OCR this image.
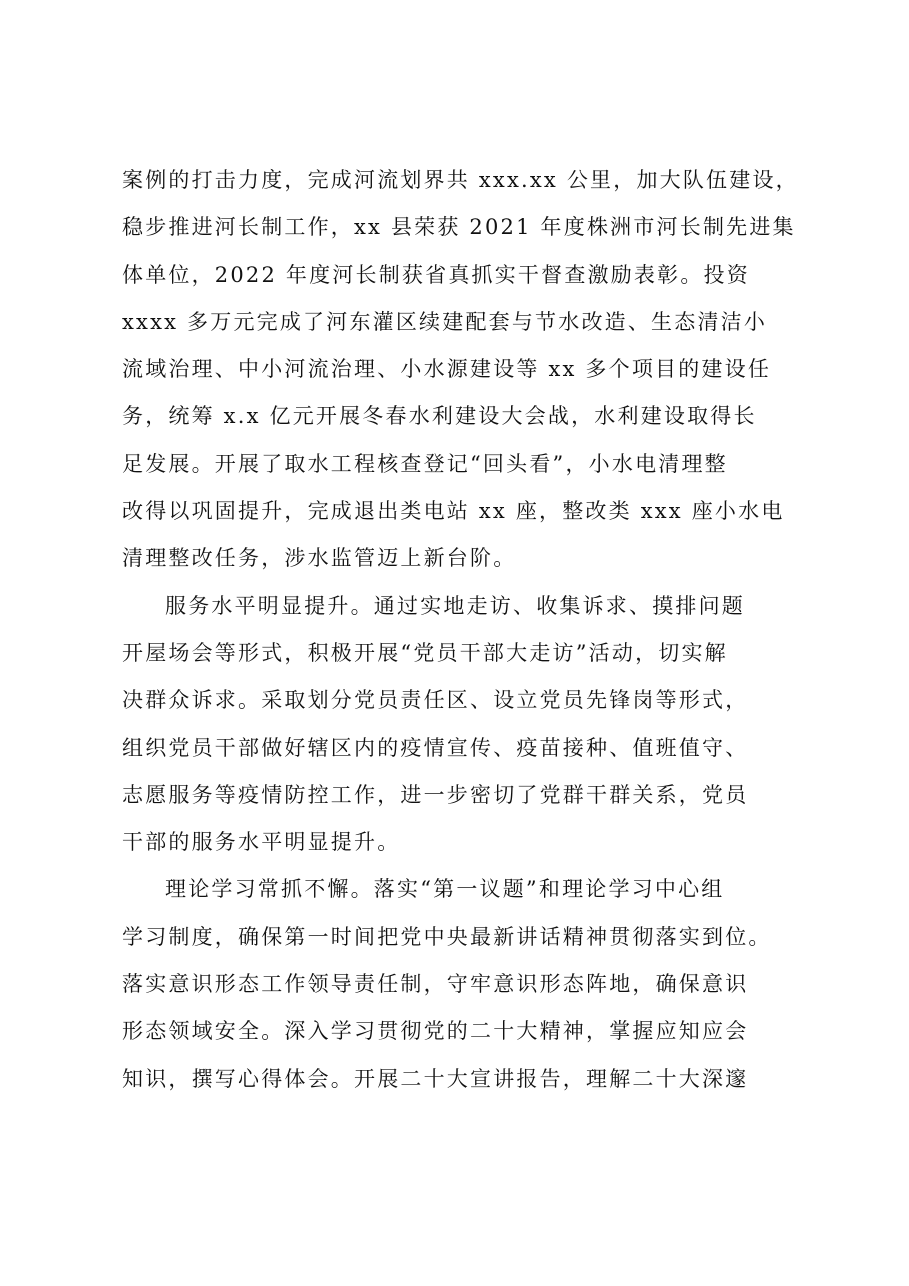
案例的打击力度，完成河流划界共 xxx.xx 公里，加大队伍建设，
稳步推进河长制工作，xx 县荣获 2021 年度株洲市河长制先进集
体单位，2022 年度河长制获省真抓实干督查激励表彰。投资
xxxx 多万元完成了河东灌区续建配套与节水改造、生态清洁小
流域治理、中小河流治理、小水源建设等 xx 多个项目的建设任
务，统筹 x.x 亿元开展冬春水利建设大会战，水利建设取得长
足发展。开展了取水工程核查登记“回头看”，小水电清理整
改得以巩固提升，完成退出类电站 xx 座，整改类 xxx 座小水电
清理整改任务，涉水监管迈上新台阶。
服务水平明显提升。通过实地走访、收集诉求、摸排问题
开屋场会等形式，积极开展“党员干部大走访”活动，切实解
决群众诉求。采取划分党员责任区、设立党员先锋岗等形式，
组织党员干部做好辖区内的疫情宣传、疫苗接种、值班值守、
志愿服务等疫情防控工作，进一步密切了党群干群关系，党员
干部的服务水平明显提升。
理论学习常抓不懈。落实“第一议题”和理论学习中心组
学习制度，确保第一时间把党中央最新讲话精神贯彻落实到位。
落实意识形态工作领导责任制，守牢意识形态阵地，确保意识
形态领域安全。深入学习贯彻党的二十大精神，掌握应知应会
知识，撰写心得体会。开展二十大宣讲报告，理解二十大深邃
